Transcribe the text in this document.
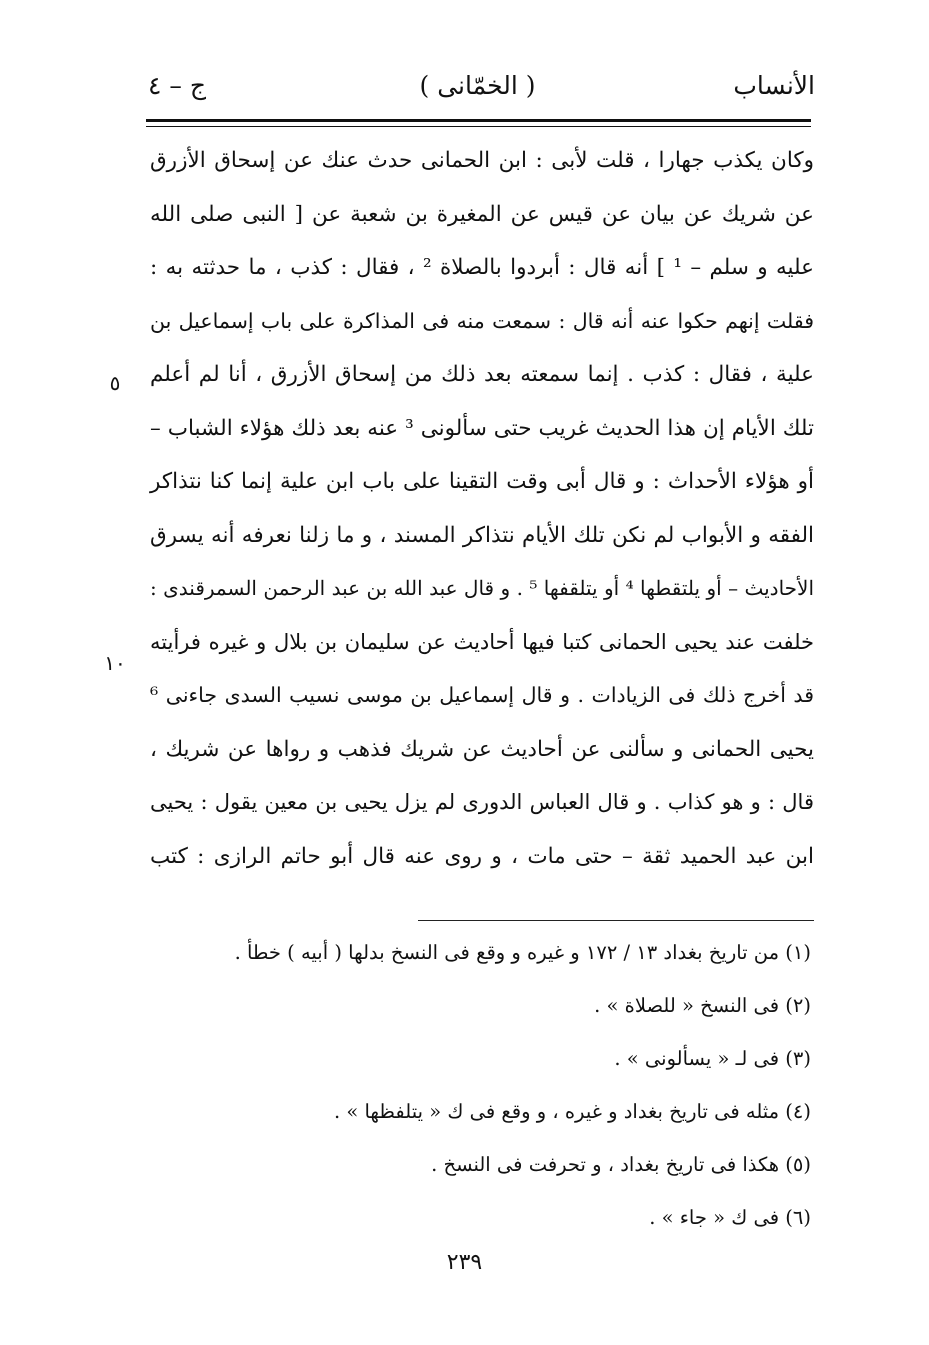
الأنساب
( الخمّانى )
ج – ٤
وكان يكذب جهارا ، قلت لأبى : ابن الحمانى حدث عنك عن إسحاق الأزرق
عن شريك عن بيان عن قيس عن المغيرة بن شعبة عن [ النبى صلى الله
عليه و سلم – ¹ ] أنه قال : أبردوا بالصلاة ² ، فقال : كذب ، ما حدثته به :
فقلت إنهم حكوا عنه أنه قال : سمعت منه فى المذاكرة على باب إسماعيل بن
علية ، فقال : كذب . إنما سمعته بعد ذلك من إسحاق الأزرق ، أنا لم أعلم
تلك الأيام إن هذا الحديث غريب حتى سألونى ³ عنه بعد ذلك هؤلاء الشباب –
أو هؤلاء الأحداث : و قال أبى وقت التقينا على باب ابن علية إنما كنا نتذاكر
الفقه و الأبواب لم نكن تلك الأيام نتذاكر المسند ، و ما زلنا نعرفه أنه يسرق
الأحاديث – أو يلتقطها ⁴ أو يتلقفها ⁵ . و قال عبد الله بن عبد الرحمن السمرقندى :
خلفت عند يحيى الحمانى كتبا فيها أحاديث عن سليمان بن بلال و غيره فرأيته
قد أخرج ذلك فى الزيادات . و قال إسماعيل بن موسى نسيب السدى جاءنى ⁶
يحيى الحمانى و سألنى عن أحاديث عن شريك فذهب و رواها عن شريك ،
قال : و هو كذاب . و قال العباس الدورى لم يزل يحيى بن معين يقول : يحيى
ابن عبد الحميد ثقة – حتى مات ، و روى عنه قال أبو حاتم الرازى : كتب
٥
١٠
(١) من تاريخ بغداد ١٣ / ١٧٢ و غيره و وقع فى النسخ بدلها ( أبيه ) خطأ .
(٢) فى النسخ « للصلاة » .
(٣) فى لـ « يسألونى » .
(٤) مثله فى تاريخ بغداد و غيره ، و وقع فى ك « يتلفظها » .
(٥) هكذا فى تاريخ بغداد ، و تحرفت فى النسخ .
(٦) فى ك « جاء » .
٢٣٩
